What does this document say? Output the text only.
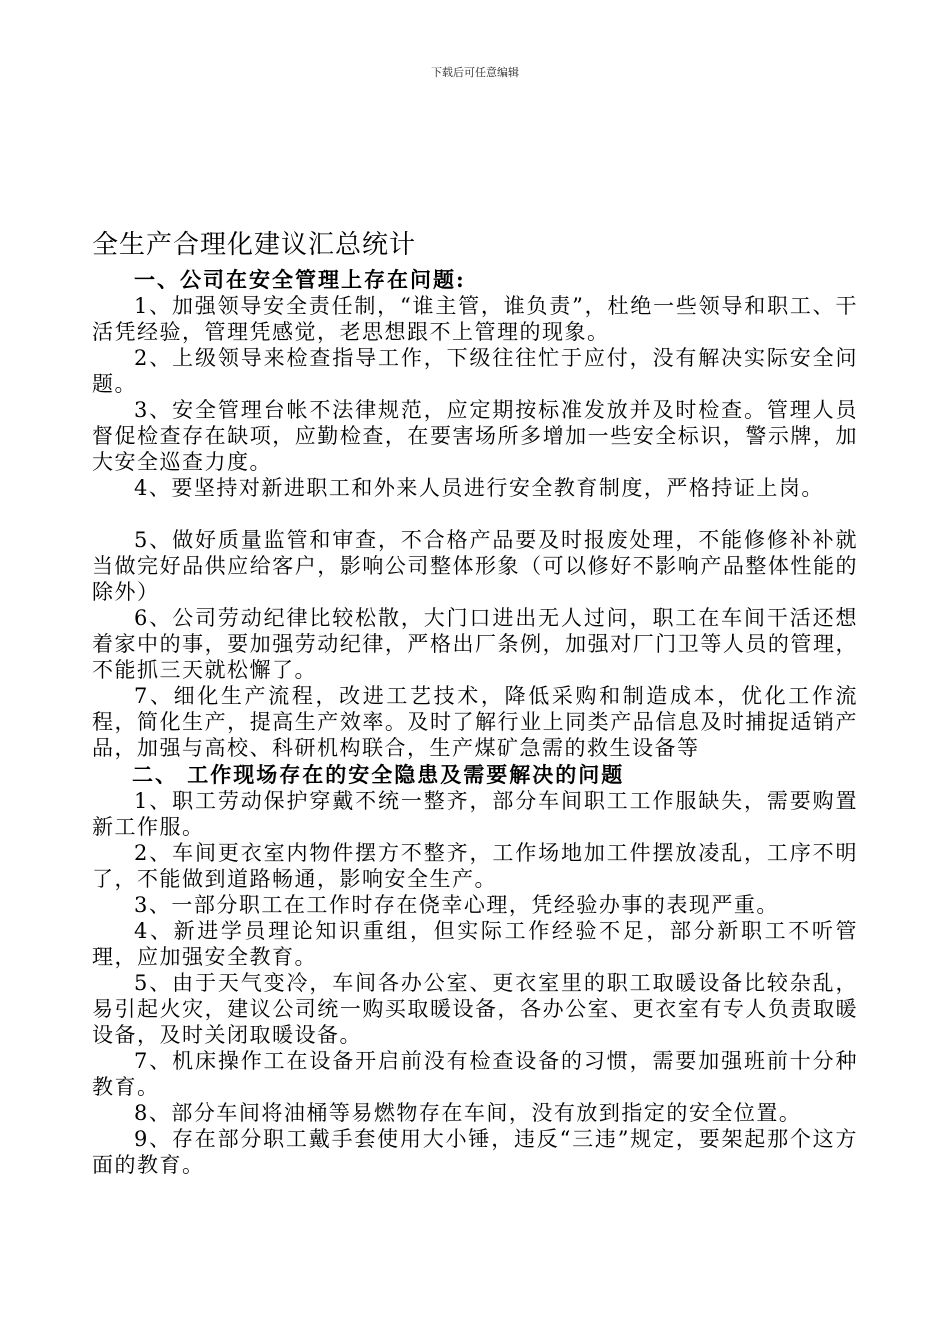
下载后可任意编辑
全生产合理化建议汇总统计
一、公司在安全管理上存在问题:

1、加强领导安全责任制，“谁主管，谁负责”，杜绝一些领导和职工、干活凭经验，管理凭感觉，老思想跟不上管理的现象。

2、上级领导来检查指导工作，下级往往忙于应付，没有解决实际安全问题。

3、安全管理台帐不法律规范，应定期按标准发放并及时检查。管理人员督促检查存在缺项，应勤检查，在要害场所多增加一些安全标识，警示牌，加大安全巡查力度。

4、要坚持对新进职工和外来人员进行安全教育制度，严格持证上岗。

5、做好质量监管和审查，不合格产品要及时报废处理，不能修修补补就当做完好品供应给客户，影响公司整体形象（可以修好不影响产品整体性能的除外）

6、公司劳动纪律比较松散，大门口进出无人过问，职工在车间干活还想着家中的事，要加强劳动纪律，严格出厂条例，加强对厂门卫等人员的管理，不能抓三天就松懈了。

7、细化生产流程，改进工艺技术，降低采购和制造成本，优化工作流程，简化生产，提高生产效率。及时了解行业上同类产品信息及时捕捉适销产品，加强与高校、科研机构联合，生产煤矿急需的救生设备等

二、 工作现场存在的安全隐患及需要解决的问题

1、职工劳动保护穿戴不统一整齐，部分车间职工工作服缺失，需要购置新工作服。

2、车间更衣室内物件摆方不整齐，工作场地加工件摆放凌乱，工序不明了，不能做到道路畅通，影响安全生产。

3、一部分职工在工作时存在侥幸心理，凭经验办事的表现严重。

4、新进学员理论知识重组，但实际工作经验不足，部分新职工不听管理，应加强安全教育。

5、由于天气变冷，车间各办公室、更衣室里的职工取暖设备比较杂乱，易引起火灾，建议公司统一购买取暖设备，各办公室、更衣室有专人负责取暖设备，及时关闭取暖设备。

7、机床操作工在设备开启前没有检查设备的习惯，需要加强班前十分种教育。

8、部分车间将油桶等易燃物存在车间，没有放到指定的安全位置。

9、存在部分职工戴手套使用大小锤，违反“三违”规定，要架起那个这方面的教育。
